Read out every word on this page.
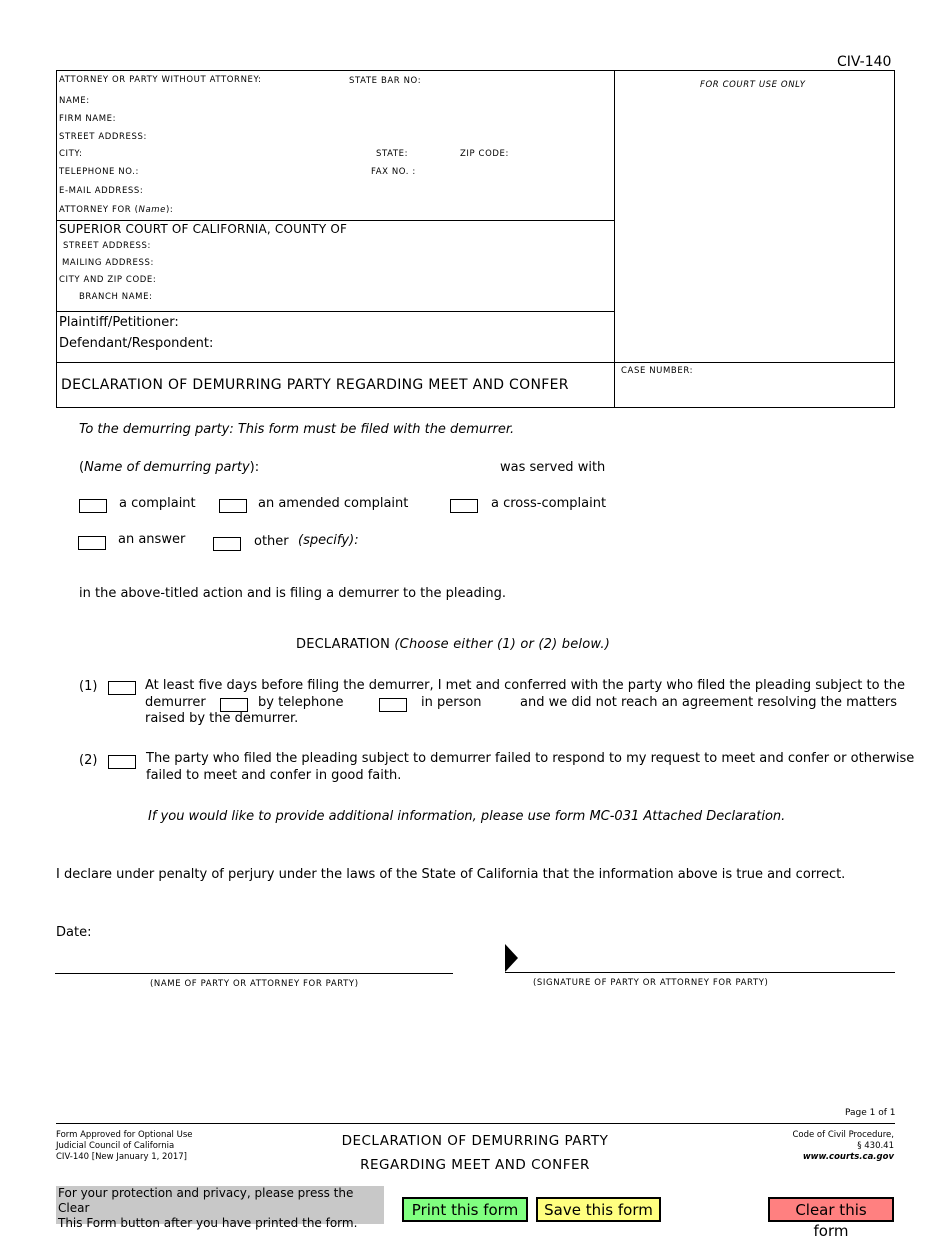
CIV-140
ATTORNEY OR PARTY WITHOUT ATTORNEY:	STATE BAR NO:
NAME:
FIRM NAME:
STREET ADDRESS:
CITY:	STATE:	ZIP CODE:
TELEPHONE NO.:	FAX NO. :
E-MAIL ADDRESS:
ATTORNEY FOR (Name):
FOR COURT USE ONLY
SUPERIOR COURT OF CALIFORNIA, COUNTY OF
STREET ADDRESS:
MAILING ADDRESS:
CITY AND ZIP CODE:
BRANCH NAME:
Plaintiff/Petitioner:
Defendant/Respondent:
DECLARATION OF DEMURRING PARTY REGARDING MEET AND CONFER
CASE NUMBER:
To the demurring party: This form must be filed with the demurrer.
(Name of demurring party):	was served with
a complaint	an amended complaint	a cross-complaint
an answer	other (specify):
in the above-titled action and is filing a demurrer to the pleading.
DECLARATION (Choose either (1) or (2) below.)
(1)	At least five days before filing the demurrer, I met and conferred with the party who filed the pleading subject to the
demurrer	by telephone	in person	and we did not reach an agreement resolving the matters
raised by the demurrer.
(2)	The party who filed the pleading subject to demurrer failed to respond to my request to meet and confer or otherwise
failed to meet and confer in good faith.
If you would like to provide additional information, please use form MC-031 Attached Declaration.
I declare under penalty of perjury under the laws of the State of California that the information above is true and correct.
Date:
(NAME OF PARTY OR ATTORNEY FOR PARTY)	(SIGNATURE OF PARTY OR ATTORNEY FOR PARTY)
Page 1 of 1
Form Approved for Optional Use
Judicial Council of California
CIV-140 [New January 1, 2017]
DECLARATION OF DEMURRING PARTY
REGARDING MEET AND CONFER
Code of Civil Procedure,
§ 430.41
www.courts.ca.gov
For your protection and privacy, please press the Clear
This Form button after you have printed the form.
Print this form	Save this form	Clear this form
